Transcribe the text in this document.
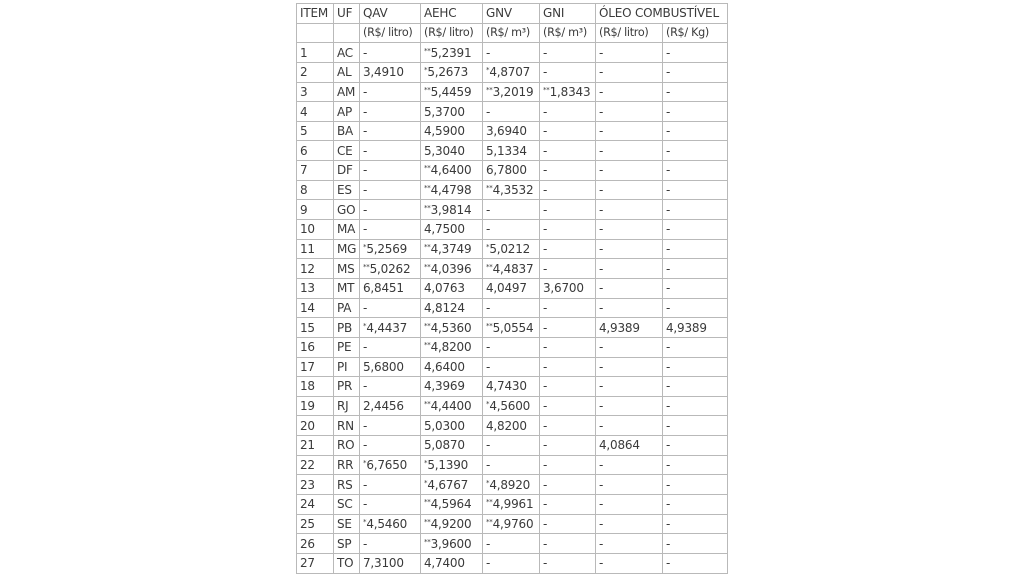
ITEM	UF	QAV	AEHC	GNV	GNI	ÓLEO COMBUSTÍVEL	
		(R$/ litro)	(R$/ litro)	(R$/ m³)	(R$/ m³)	(R$/ litro)	(R$/ Kg)
1	AC	-	**5,2391	-	-	-	-
2	AL	3,4910	*5,2673	*4,8707	-	-	-
3	AM	-	**5,4459	**3,2019	**1,8343	-	-
4	AP	-	5,3700	-	-	-	-
5	BA	-	4,5900	3,6940	-	-	-
6	CE	-	5,3040	5,1334	-	-	-
7	DF	-	**4,6400	6,7800	-	-	-
8	ES	-	**4,4798	**4,3532	-	-	-
9	GO	-	**3,9814	-	-	-	-
10	MA	-	4,7500	-	-	-	-
11	MG	*5,2569	**4,3749	*5,0212	-	-	-
12	MS	**5,0262	**4,0396	**4,4837	-	-	-
13	MT	6,8451	4,0763	4,0497	3,6700	-	-
14	PA	-	4,8124	-	-	-	-
15	PB	*4,4437	**4,5360	**5,0554	-	4,9389	4,9389
16	PE	-	**4,8200	-	-	-	-
17	PI	5,6800	4,6400	-	-	-	-
18	PR	-	4,3969	4,7430	-	-	-
19	RJ	2,4456	**4,4400	*4,5600	-	-	-
20	RN	-	5,0300	4,8200	-	-	-
21	RO	-	5,0870	-	-	4,0864	-
22	RR	*6,7650	*5,1390	-	-	-	-
23	RS	-	*4,6767	*4,8920	-	-	-
24	SC	-	**4,5964	**4,9961	-	-	-
25	SE	*4,5460	**4,9200	**4,9760	-	-	-
26	SP	-	**3,9600	-	-	-	-
27	TO	7,3100	4,7400	-	-	-	-
